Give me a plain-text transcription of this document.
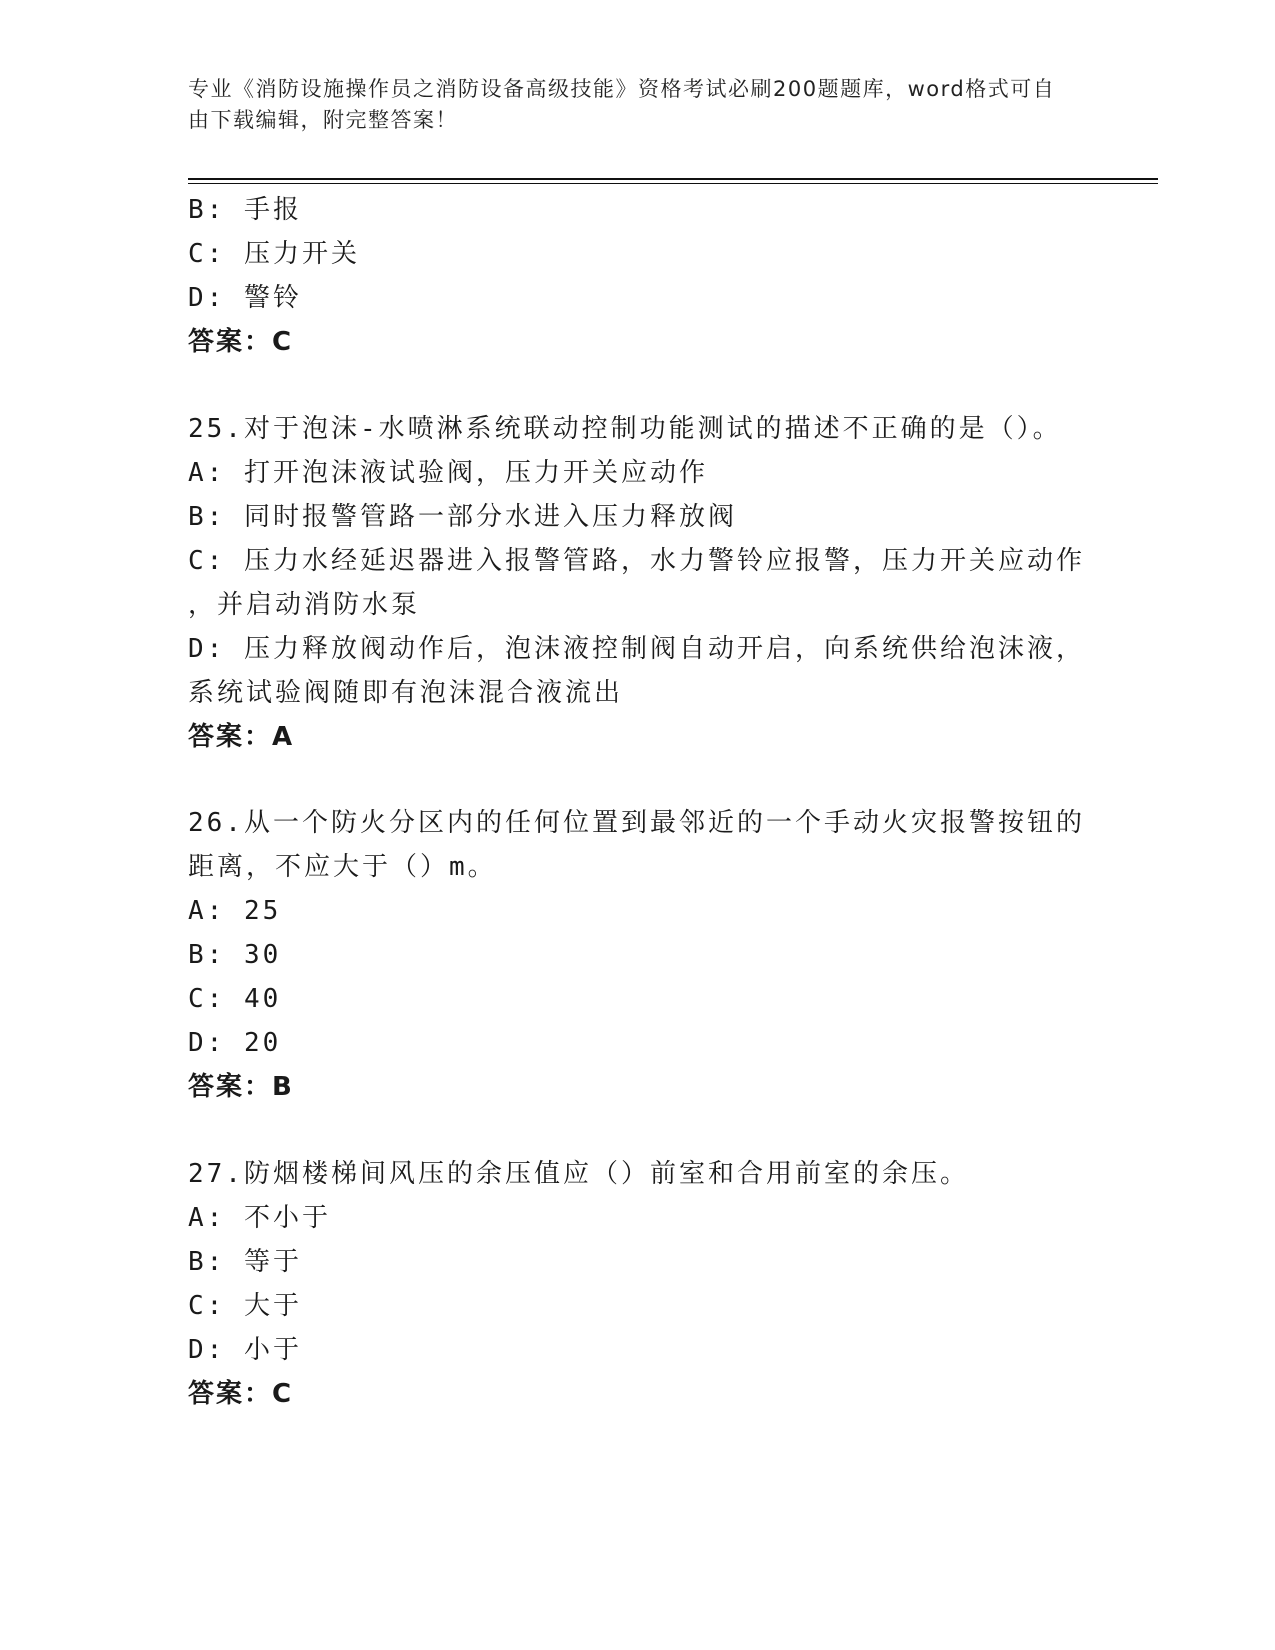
专业《消防设施操作员之消防设备高级技能》资格考试必刷200题题库，word格式可自由下载编辑，附完整答案！
B: 手报
C: 压力开关
D: 警铃
答案：C
25.对于泡沫-水喷淋系统联动控制功能测试的描述不正确的是（）。
A: 打开泡沫液试验阀，压力开关应动作
B: 同时报警管路一部分水进入压力释放阀
C: 压力水经延迟器进入报警管路，水力警铃应报警，压力开关应动作
，并启动消防水泵
D: 压力释放阀动作后，泡沫液控制阀自动开启，向系统供给泡沫液，
系统试验阀随即有泡沫混合液流出
答案：A
26.从一个防火分区内的任何位置到最邻近的一个手动火灾报警按钮的
距离，不应大于（）m。
A: 25
B: 30
C: 40
D: 20
答案：B
27.防烟楼梯间风压的余压值应（）前室和合用前室的余压。
A: 不小于
B: 等于
C: 大于
D: 小于
答案：C
